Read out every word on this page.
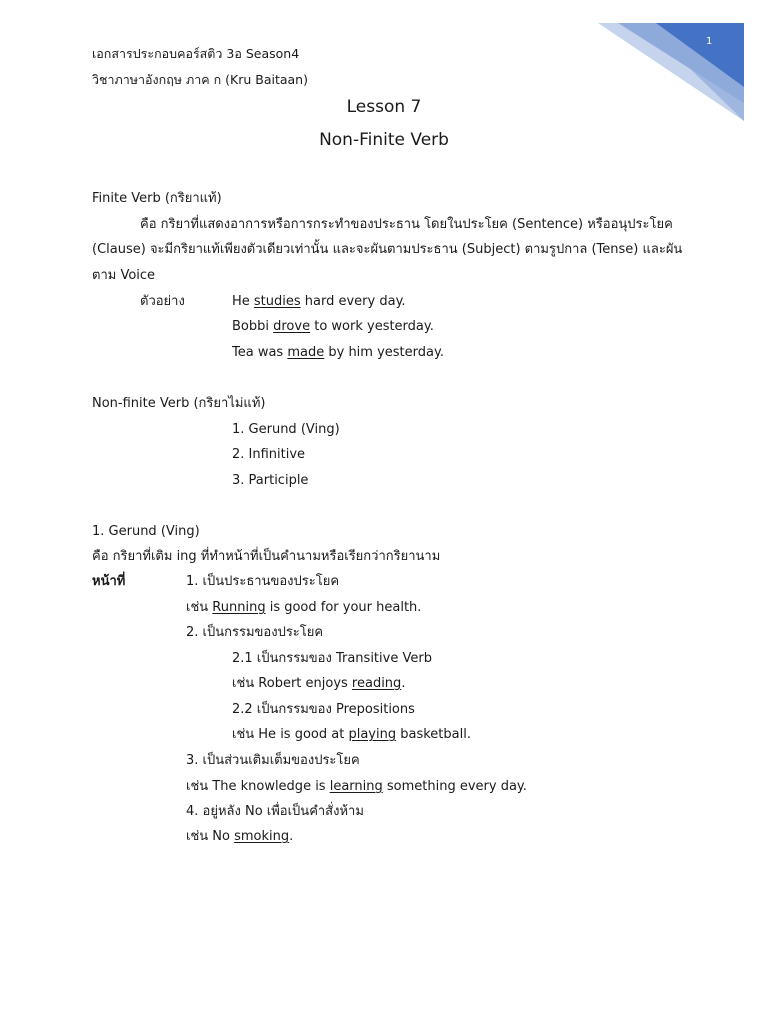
1
เอกสารประกอบคอร์สติว 3อ Season4
วิชาภาษาอังกฤษ ภาค ก (Kru Baitaan)
Lesson 7
Non-Finite Verb
Finite Verb (กริยาแท้)
คือ กริยาที่แสดงอาการหรือการกระทำของประธาน โดยในประโยค (Sentence) หรืออนุประโยค
(Clause) จะมีกริยาแท้เพียงตัวเดียวเท่านั้น และจะผันตามประธาน (Subject) ตามรูปกาล (Tense) และผัน
ตาม Voice
ตัวอย่าง	He studies hard every day.
Bobbi drove to work yesterday.
Tea was made by him yesterday.
Non-finite Verb (กริยาไม่แท้)
1. Gerund (Ving)
2. Infinitive
3. Participle
1. Gerund (Ving)
คือ กริยาที่เติม ing ที่ทำหน้าที่เป็นคำนามหรือเรียกว่ากริยานาม
หน้าที่	1. เป็นประธานของประโยค
เช่น Running is good for your health.
2. เป็นกรรมของประโยค
2.1 เป็นกรรมของ Transitive Verb
เช่น Robert enjoys reading.
2.2 เป็นกรรมของ Prepositions
เช่น He is good at playing basketball.
3. เป็นส่วนเติมเต็มของประโยค
เช่น The knowledge is learning something every day.
4. อยู่หลัง No เพื่อเป็นคำสั่งห้าม
เช่น No smoking.
